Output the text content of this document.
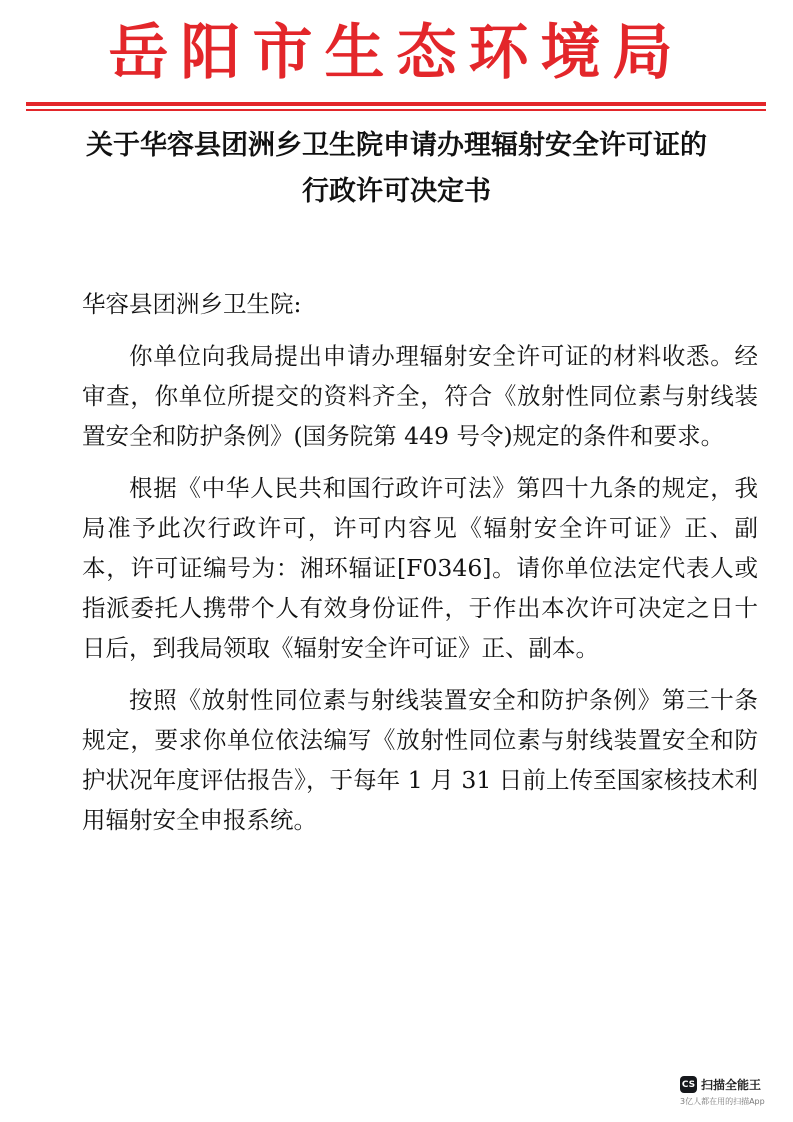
岳阳市生态环境局
关于华容县团洲乡卫生院申请办理辐射安全许可证的
行政许可决定书

华容县团洲乡卫生院:

你单位向我局提出申请办理辐射安全许可证的材料收悉。经审查，你单位所提交的资料齐全，符合《放射性同位素与射线装置安全和防护条例》(国务院第 449 号令)规定的条件和要求。

根据《中华人民共和国行政许可法》第四十九条的规定，我局准予此次行政许可，许可内容见《辐射安全许可证》正、副本，许可证编号为：湘环辐证[F0346]。请你单位法定代表人或指派委托人携带个人有效身份证件，于作出本次许可决定之日十日后，到我局领取《辐射安全许可证》正、副本。

按照《放射性同位素与射线装置安全和防护条例》第三十条规定，要求你单位依法编写《放射性同位素与射线装置安全和防护状况年度评估报告》，于每年 1 月 31 日前上传至国家核技术利用辐射安全申报系统。

CS 扫描全能王
3亿人都在用的扫描App
